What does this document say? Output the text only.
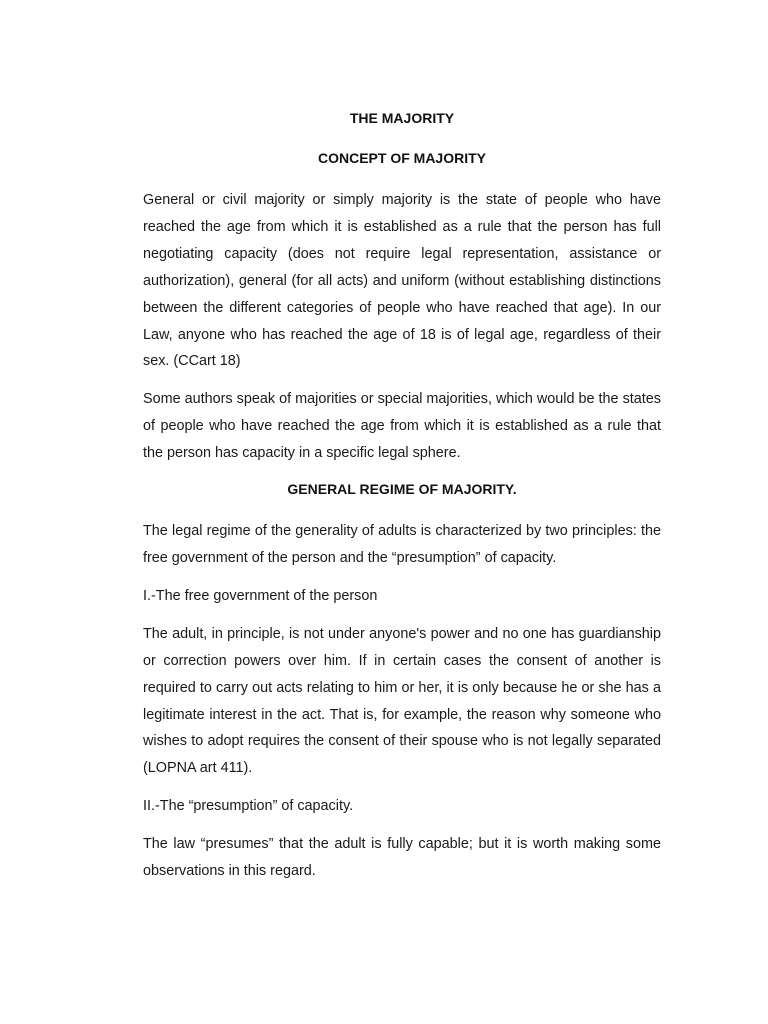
THE MAJORITY
CONCEPT OF MAJORITY

General or civil majority or simply majority is the state of people who have reached the age from which it is established as a rule that the person has full negotiating capacity (does not require legal representation, assistance or authorization), general (for all acts) and uniform (without establishing distinctions between the different categories of people who have reached that age). In our Law, anyone who has reached the age of 18 is of legal age, regardless of their sex. (CCart 18)

Some authors speak of majorities or special majorities, which would be the states of people who have reached the age from which it is established as a rule that the person has capacity in a specific legal sphere.

GENERAL REGIME OF MAJORITY.

The legal regime of the generality of adults is characterized by two principles: the free government of the person and the “presumption” of capacity.

I.-The free government of the person

The adult, in principle, is not under anyone's power and no one has guardianship or correction powers over him. If in certain cases the consent of another is required to carry out acts relating to him or her, it is only because he or she has a legitimate interest in the act. That is, for example, the reason why someone who wishes to adopt requires the consent of their spouse who is not legally separated (LOPNA art 411).

II.-The “presumption” of capacity.

The law “presumes” that the adult is fully capable; but it is worth making some observations in this regard.
